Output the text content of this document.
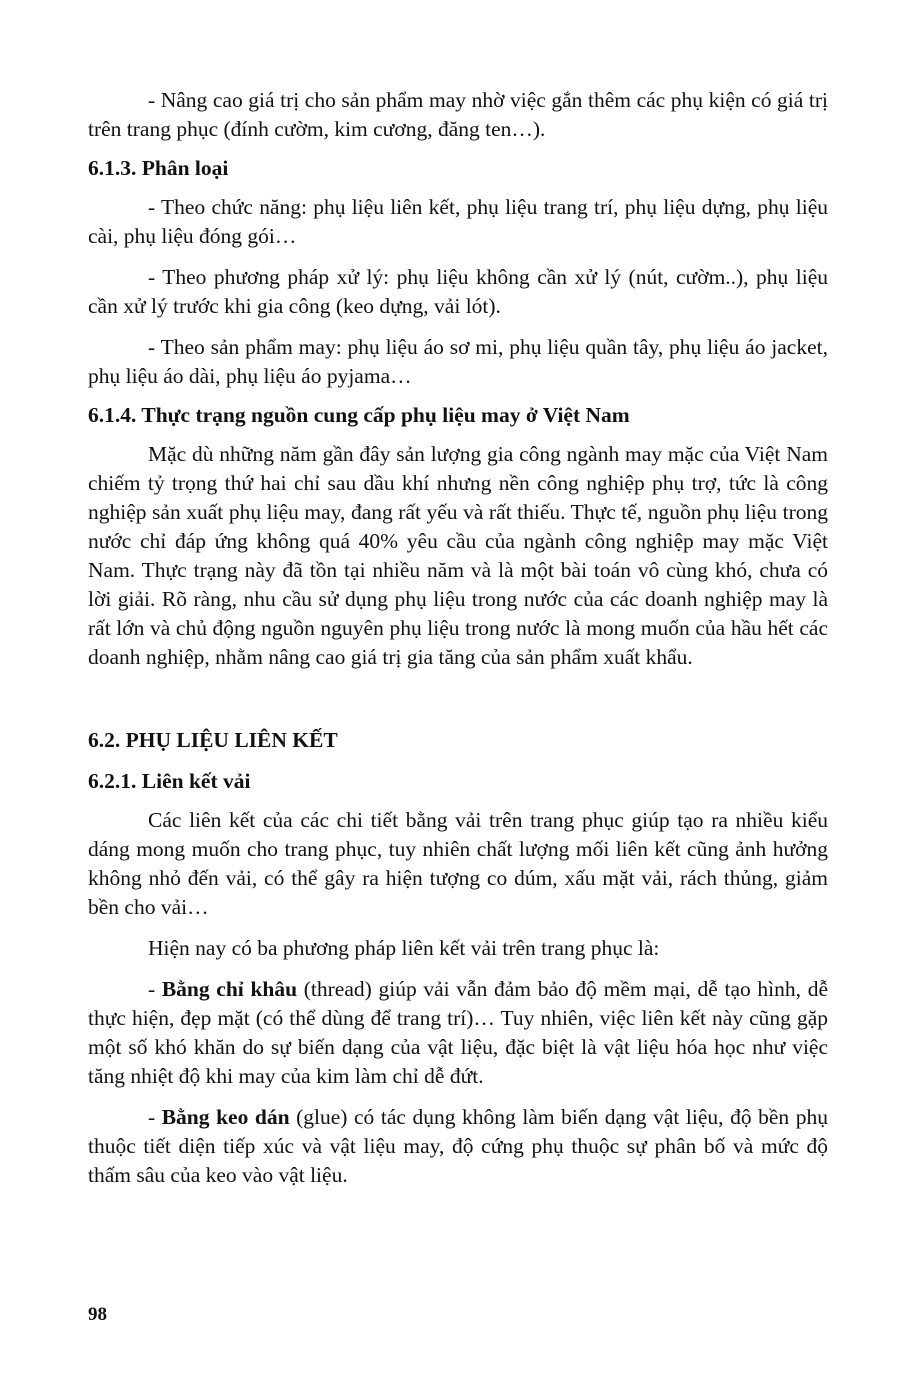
- Nâng cao giá trị cho sản phẩm may nhờ việc gắn thêm các phụ kiện có giá trị trên trang phục (đính cườm, kim cương, đăng ten…).

6.1.3. Phân loại

- Theo chức năng: phụ liệu liên kết, phụ liệu trang trí, phụ liệu dựng, phụ liệu cài, phụ liệu đóng gói…

- Theo phương pháp xử lý: phụ liệu không cần xử lý (nút, cườm..), phụ liệu cần xử lý trước khi gia công (keo dựng, vải lót).

- Theo sản phẩm may: phụ liệu áo sơ mi, phụ liệu quần tây, phụ liệu áo jacket, phụ liệu áo dài, phụ liệu áo pyjama…

6.1.4. Thực trạng nguồn cung cấp phụ liệu may ở Việt Nam

Mặc dù những năm gần đây sản lượng gia công ngành may mặc của Việt Nam chiếm tỷ trọng thứ hai chỉ sau dầu khí nhưng nền công nghiệp phụ trợ, tức là công nghiệp sản xuất phụ liệu may, đang rất yếu và rất thiếu. Thực tế, nguồn phụ liệu trong nước chỉ đáp ứng không quá 40% yêu cầu của ngành công nghiệp may mặc Việt Nam. Thực trạng này đã tồn tại nhiều năm và là một bài toán vô cùng khó, chưa có lời giải. Rõ ràng, nhu cầu sử dụng phụ liệu trong nước của các doanh nghiệp may là rất lớn và chủ động nguồn nguyên phụ liệu trong nước là mong muốn của hầu hết các doanh nghiệp, nhằm nâng cao giá trị gia tăng của sản phẩm xuất khẩu.

6.2. PHỤ LIỆU LIÊN KẾT
6.2.1. Liên kết vải

Các liên kết của các chi tiết bằng vải trên trang phục giúp tạo ra nhiều kiểu dáng mong muốn cho trang phục, tuy nhiên chất lượng mối liên kết cũng ảnh hưởng không nhỏ đến vải, có thể gây ra hiện tượng co dúm, xấu mặt vải, rách thủng, giảm bền cho vải…

Hiện nay có ba phương pháp liên kết vải trên trang phục là:

- Bằng chỉ khâu (thread) giúp vải vẫn đảm bảo độ mềm mại, dễ tạo hình, dễ thực hiện, đẹp mặt (có thể dùng để trang trí)… Tuy nhiên, việc liên kết này cũng gặp một số khó khăn do sự biến dạng của vật liệu, đặc biệt là vật liệu hóa học như việc tăng nhiệt độ khi may của kim làm chỉ dễ đứt.

- Bằng keo dán (glue) có tác dụng không làm biến dạng vật liệu, độ bền phụ thuộc tiết diện tiếp xúc và vật liệu may, độ cứng phụ thuộc sự phân bố và mức độ thấm sâu của keo vào vật liệu.

98
